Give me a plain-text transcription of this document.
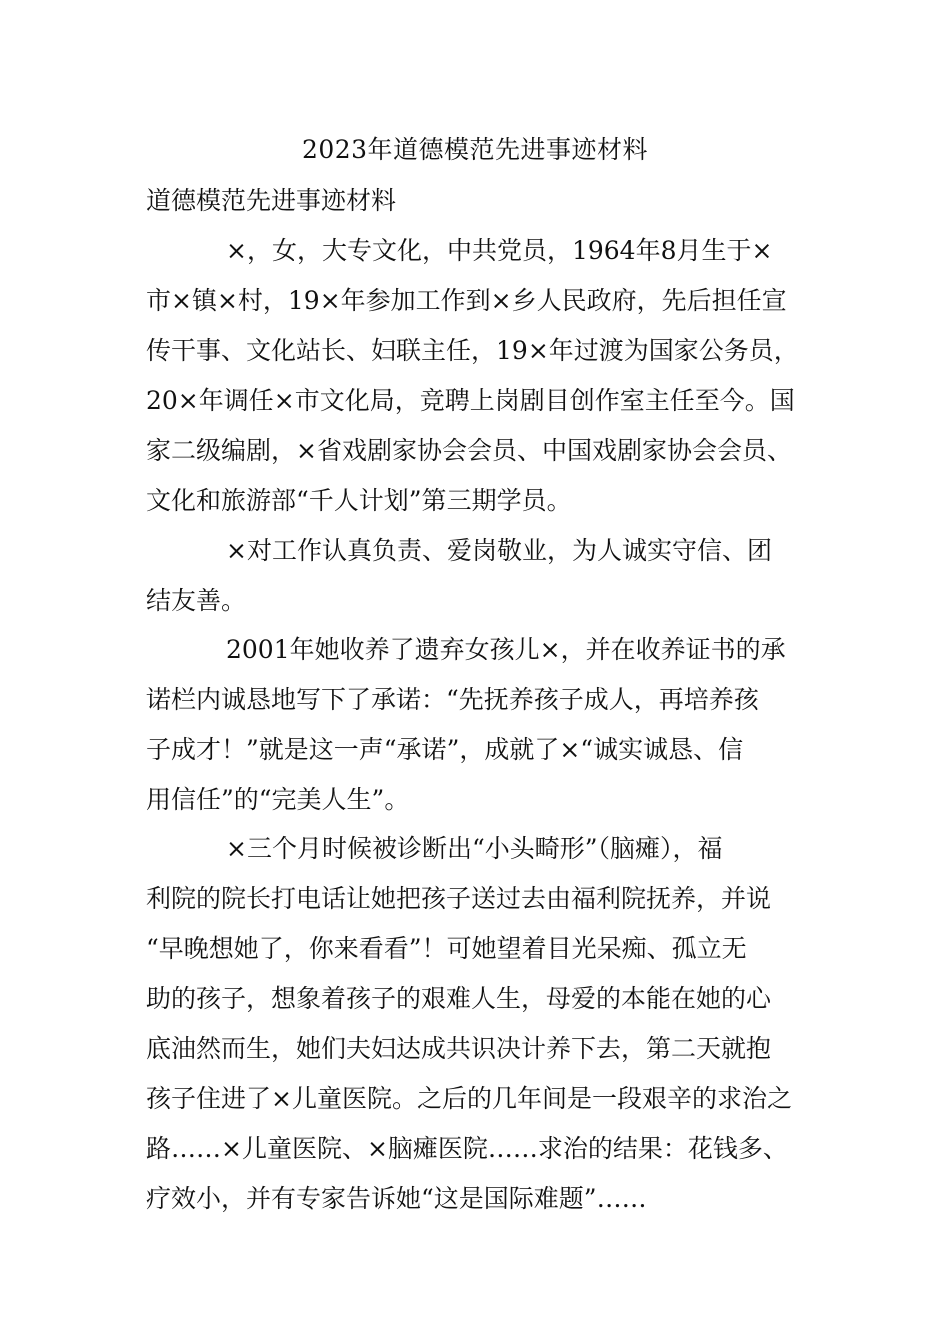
2023年道德模范先进事迹材料
道德模范先进事迹材料
×，女，大专文化，中共党员，1964年8月生于×
市×镇×村，19×年参加工作到×乡人民政府，先后担任宣
传干事、文化站长、妇联主任，19×年过渡为国家公务员，
20×年调任×市文化局，竞聘上岗剧目创作室主任至今。国
家二级编剧，×省戏剧家协会会员、中国戏剧家协会会员、
文化和旅游部“千人计划”第三期学员。
×对工作认真负责、爱岗敬业，为人诚实守信、团
结友善。
2001年她收养了遗弃女孩儿×，并在收养证书的承
诺栏内诚恳地写下了承诺：“先抚养孩子成人，再培养孩
子成才！”就是这一声“承诺”，成就了×“诚实诚恳、信
用信任”的“完美人生”。
×三个月时候被诊断出“小头畸形”（脑瘫），福
利院的院长打电话让她把孩子送过去由福利院抚养，并说
“早晚想她了，你来看看”！可她望着目光呆痴、孤立无
助的孩子，想象着孩子的艰难人生，母爱的本能在她的心
底油然而生，她们夫妇达成共识决计养下去，第二天就抱
孩子住进了×儿童医院。之后的几年间是一段艰辛的求治之
路……×儿童医院、×脑瘫医院……求治的结果：花钱多、
疗效小，并有专家告诉她“这是国际难题”……
